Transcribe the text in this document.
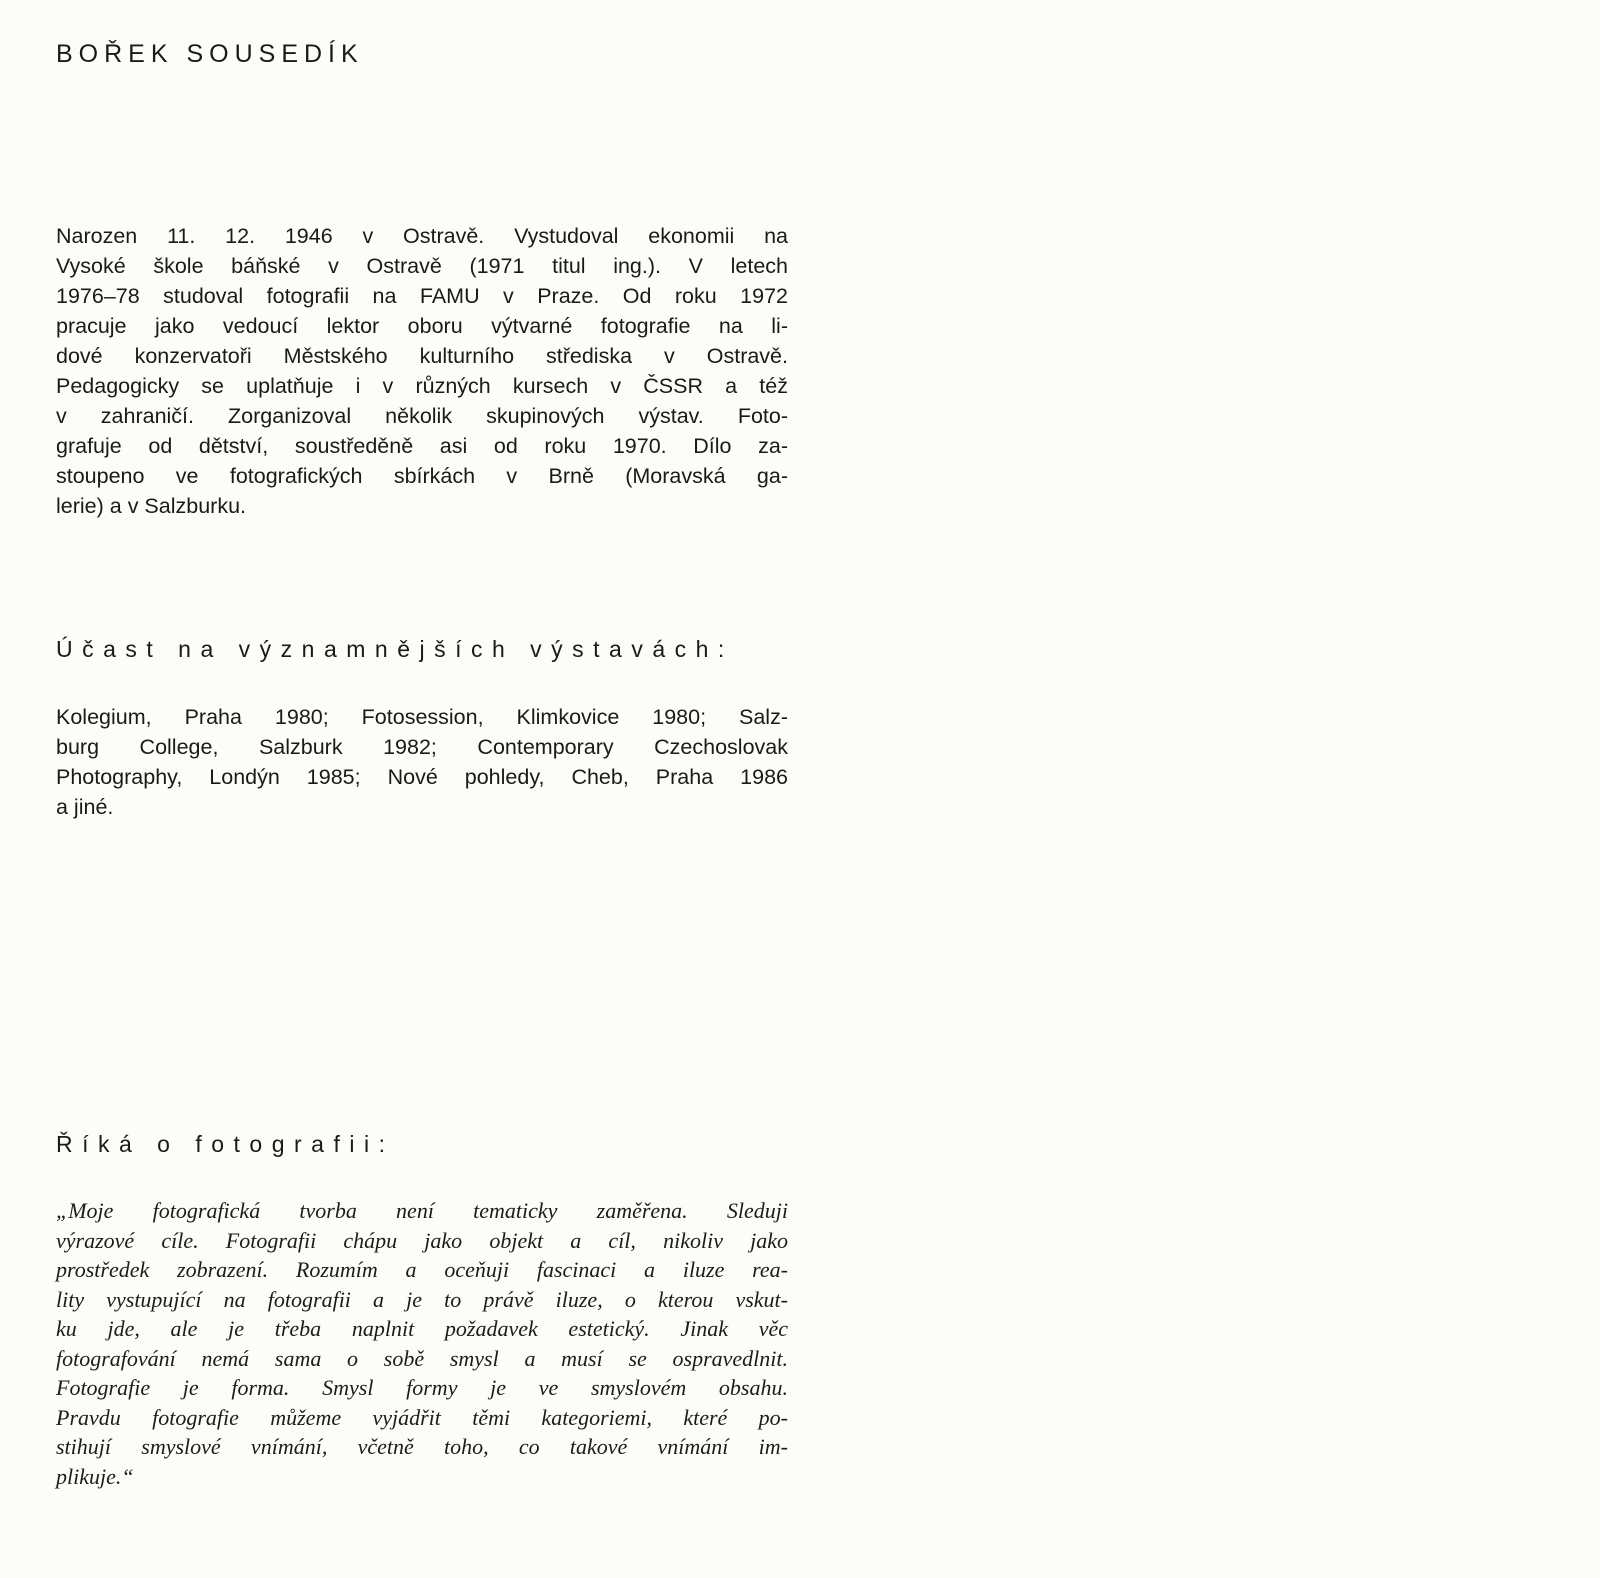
BOŘEK SOUSEDÍK
Narozen 11. 12. 1946 v Ostravě. Vystudoval ekonomii na
Vysoké škole báňské v Ostravě (1971 titul ing.). V letech
1976–78 studoval fotografii na FAMU v Praze. Od roku 1972
pracuje jako vedoucí lektor oboru výtvarné fotografie na li-
dové konzervatoři Městského kulturního střediska v Ostravě.
Pedagogicky se uplatňuje i v různých kursech v ČSSR a též
v zahraničí. Zorganizoval několik skupinových výstav. Foto-
grafuje od dětství, soustředěně asi od roku 1970. Dílo za-
stoupeno ve fotografických sbírkách v Brně (Moravská ga-
lerie) a v Salzburku.
Účast na významnějších výstavách:
Kolegium, Praha 1980; Fotosession, Klimkovice 1980; Salz-
burg College, Salzburk 1982; Contemporary Czechoslovak
Photography, Londýn 1985; Nové pohledy, Cheb, Praha 1986
a jiné.
Říká o fotografii:
„Moje fotografická tvorba není tematicky zaměřena. Sleduji
výrazové cíle. Fotografii chápu jako objekt a cíl, nikoliv jako
prostředek zobrazení. Rozumím a oceňuji fascinaci a iluze rea-
lity vystupující na fotografii a je to právě iluze, o kterou vskut-
ku jde, ale je třeba naplnit požadavek estetický. Jinak věc
fotografování nemá sama o sobě smysl a musí se ospravedlnit.
Fotografie je forma. Smysl formy je ve smyslovém obsahu.
Pravdu fotografie můžeme vyjádřit těmi kategoriemi, které po-
stihují smyslové vnímání, včetně toho, co takové vnímání im-
plikuje.“
